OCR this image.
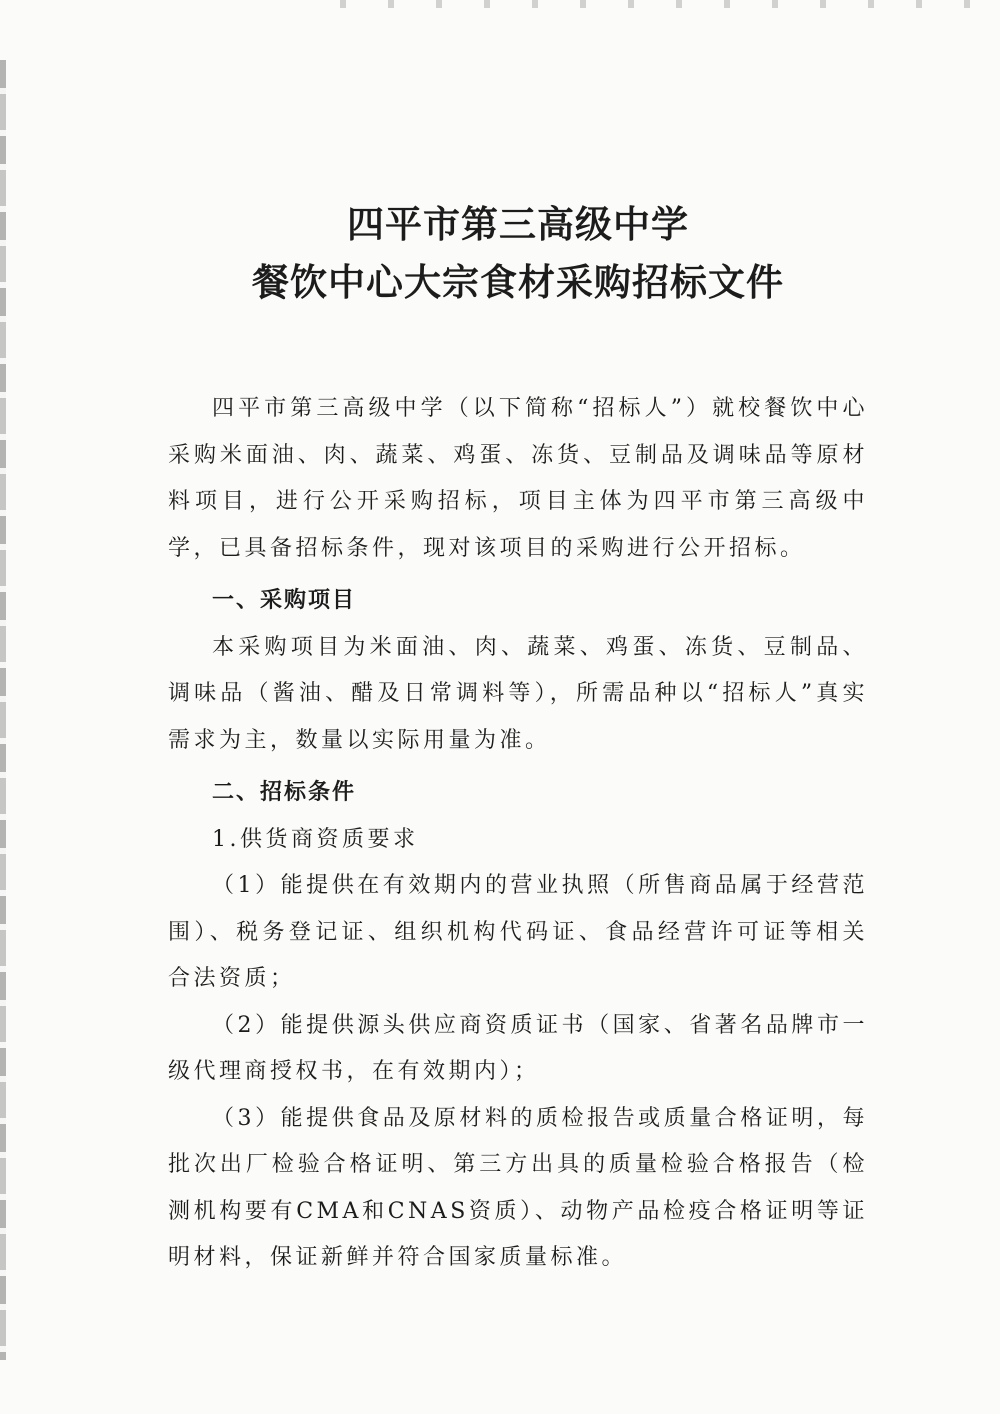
四平市第三高级中学
餐饮中心大宗食材采购招标文件

四平市第三高级中学（以下简称“招标人”）就校餐饮中心采购米面油、肉、蔬菜、鸡蛋、冻货、豆制品及调味品等原材料项目，进行公开采购招标，项目主体为四平市第三高级中学，已具备招标条件，现对该项目的采购进行公开招标。

一、采购项目

本采购项目为米面油、肉、蔬菜、鸡蛋、冻货、豆制品、调味品（酱油、醋及日常调料等），所需品种以“招标人”真实需求为主，数量以实际用量为准。

二、招标条件

1.供货商资质要求

（1）能提供在有效期内的营业执照（所售商品属于经营范围）、税务登记证、组织机构代码证、食品经营许可证等相关合法资质；

（2）能提供源头供应商资质证书（国家、省著名品牌市一级代理商授权书，在有效期内）；

（3）能提供食品及原材料的质检报告或质量合格证明，每批次出厂检验合格证明、第三方出具的质量检验合格报告（检测机构要有CMA和CNAS资质）、动物产品检疫合格证明等证明材料，保证新鲜并符合国家质量标准。
